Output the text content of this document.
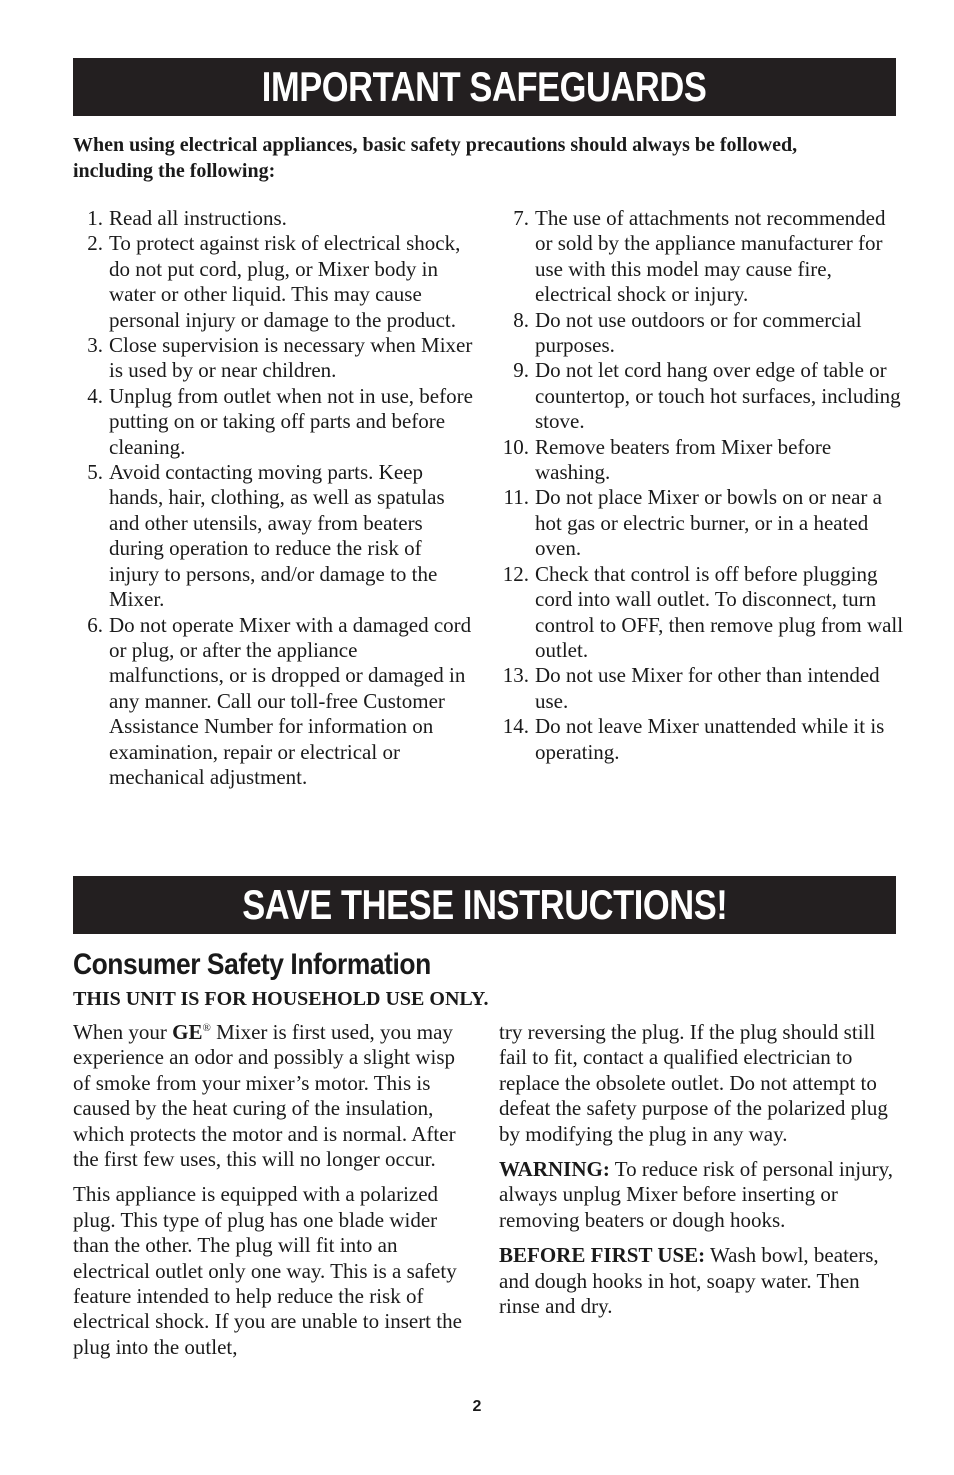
IMPORTANT SAFEGUARDS
When using electrical appliances, basic safety precautions should always be followed, including the following:
1. Read all instructions.
2. To protect against risk of electrical shock, do not put cord, plug, or Mixer body in water or other liquid. This may cause personal injury or damage to the product.
3. Close supervision is necessary when Mixer is used by or near children.
4. Unplug from outlet when not in use, before putting on or taking off parts and before cleaning.
5. Avoid contacting moving parts. Keep hands, hair, clothing, as well as spatulas and other utensils, away from beaters during operation to reduce the risk of injury to persons, and/or damage to the Mixer.
6. Do not operate Mixer with a damaged cord or plug, or after the appliance malfunctions, or is dropped or damaged in any manner. Call our toll-free Customer Assistance Number for information on examination, repair or electrical or mechanical adjustment.
7. The use of attachments not recommended or sold by the appliance manufacturer for use with this model may cause fire, electrical shock or injury.
8. Do not use outdoors or for commercial purposes.
9. Do not let cord hang over edge of table or countertop, or touch hot surfaces, including stove.
10. Remove beaters from Mixer before washing.
11. Do not place Mixer or bowls on or near a hot gas or electric burner, or in a heated oven.
12. Check that control is off before plugging cord into wall outlet. To disconnect, turn control to OFF, then remove plug from wall outlet.
13. Do not use Mixer for other than intended use.
14. Do not leave Mixer unattended while it is operating.
SAVE THESE INSTRUCTIONS!
Consumer Safety Information
THIS UNIT IS FOR HOUSEHOLD USE ONLY.

When your GE® Mixer is first used, you may experience an odor and possibly a slight wisp of smoke from your mixer’s motor. This is caused by the heat curing of the insulation, which protects the motor and is normal. After the first few uses, this will no longer occur.

This appliance is equipped with a polarized plug. This type of plug has one blade wider than the other. The plug will fit into an electrical outlet only one way. This is a safety feature intended to help reduce the risk of electrical shock. If you are unable to insert the plug into the outlet,

try reversing the plug. If the plug should still fail to fit, contact a qualified electrician to replace the obsolete outlet. Do not attempt to defeat the safety purpose of the polarized plug by modifying the plug in any way.

WARNING: To reduce risk of personal injury, always unplug Mixer before inserting or removing beaters or dough hooks.

BEFORE FIRST USE: Wash bowl, beaters, and dough hooks in hot, soapy water. Then rinse and dry.

2
